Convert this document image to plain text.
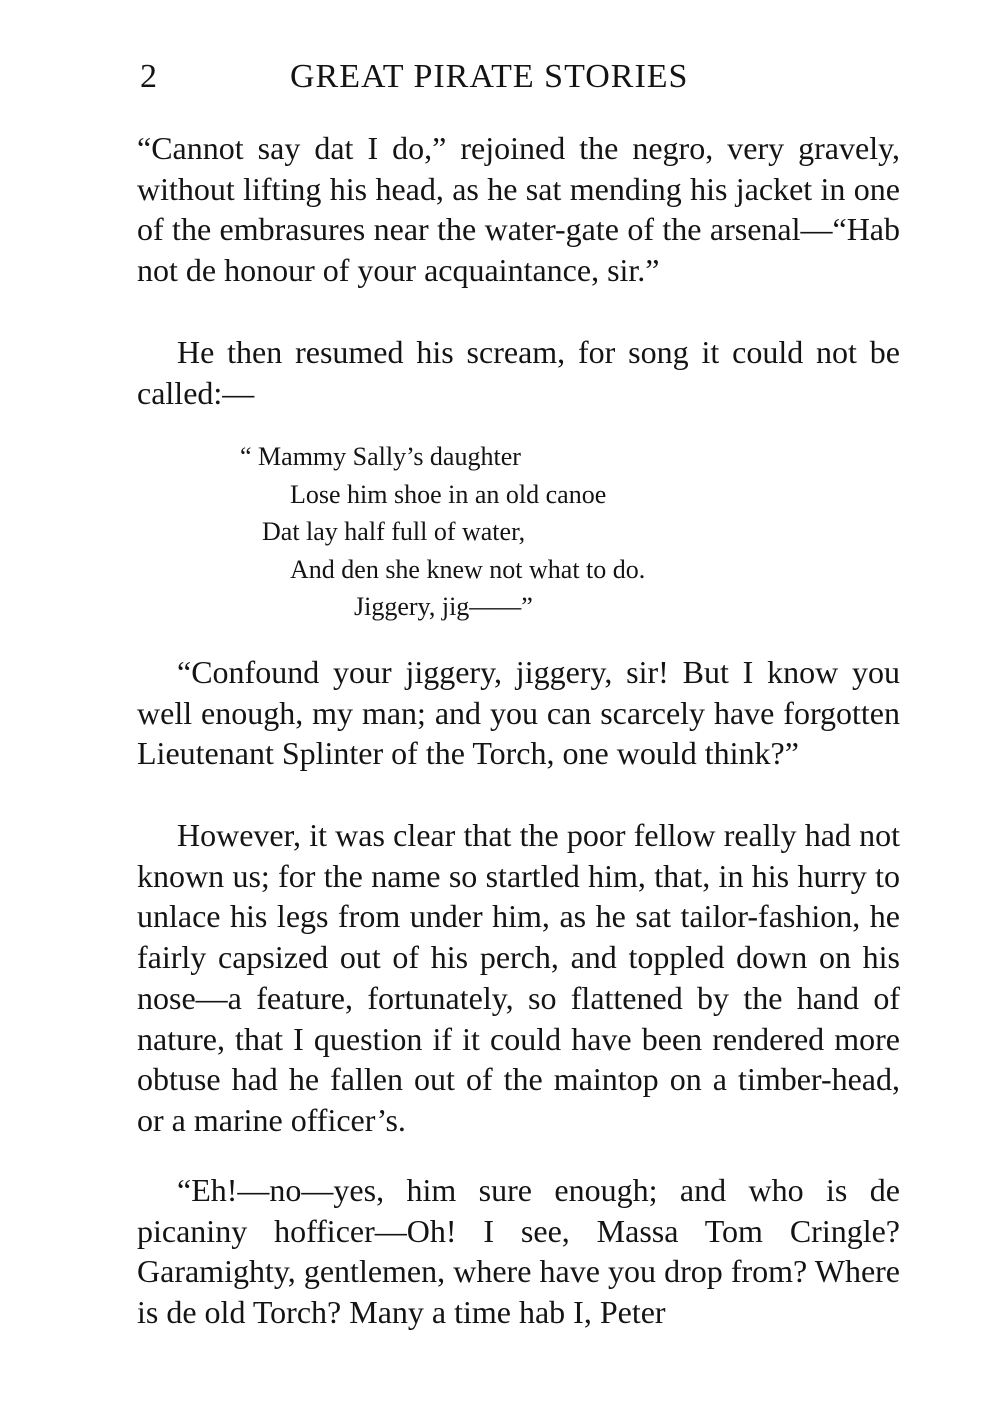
2	GREAT PIRATE STORIES

“Cannot say dat I do,” rejoined the negro, very gravely, without lifting his head, as he sat mending his jacket in one of the embrasures near the water-gate of the arsenal—“Hab not de honour of your acquaintance, sir.”

He then resumed his scream, for song it could not be called:—

“ Mammy Sally’s daughter
Lose him shoe in an old canoe
Dat lay half full of water,
And den she knew not what to do.
Jiggery, jig——”

“Confound your jiggery, jiggery, sir! But I know you well enough, my man; and you can scarcely have forgotten Lieutenant Splinter of the Torch, one would think?”

However, it was clear that the poor fellow really had not known us; for the name so startled him, that, in his hurry to unlace his legs from under him, as he sat tailor-fashion, he fairly capsized out of his perch, and toppled down on his nose—a feature, fortunately, so flattened by the hand of nature, that I question if it could have been rendered more obtuse had he fallen out of the maintop on a timber-head, or a marine officer’s.

“Eh!—no—yes, him sure enough; and who is de picaniny hofficer—Oh! I see, Massa Tom Cringle? Garamighty, gentlemen, where have you drop from? Where is de old Torch? Many a time hab I, Peter
